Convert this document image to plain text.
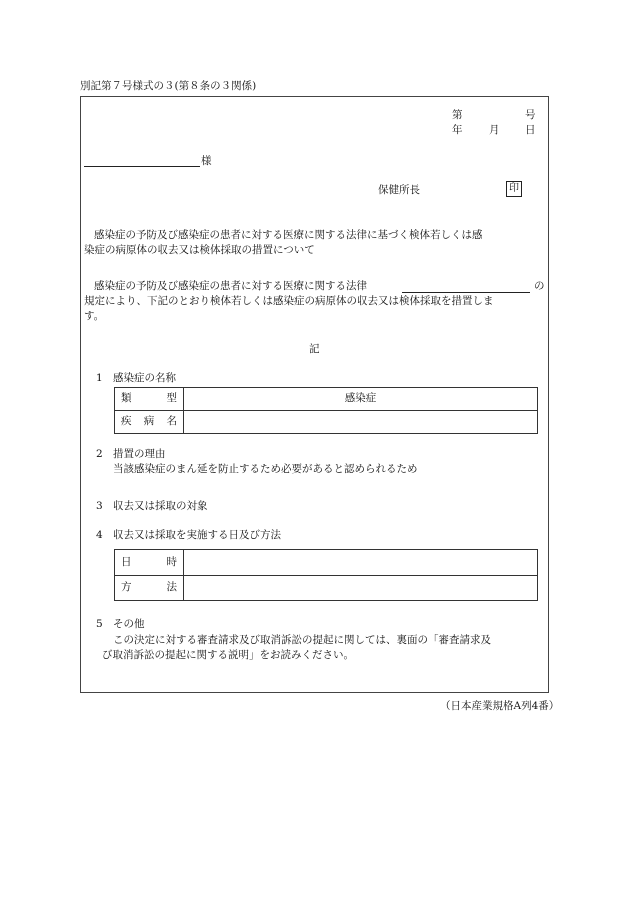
別記第７号様式の３(第８条の３関係)
第	号
年	月 日
様
保健所長	印
感染症の予防及び感染症の患者に対する医療に関する法律に基づく検体若しくは感
染症の病原体の収去又は検体採取の措置について
感染症の予防及び感染症の患者に対する医療に関する法律	の
規定により、下記のとおり検体若しくは感染症の病原体の収去又は検体採取を措置しま
す。
記
1 感染症の名称
類　　型	感染症
疾　病　名	
2 措置の理由
当該感染症のまん延を防止するため必要があると認められるため
3 収去又は採取の対象
4 収去又は採取を実施する日及び方法
日　　時	
方　　法	
5 その他
この決定に対する審査請求及び取消訴訟の提起に関しては、裏面の「審査請求及
び取消訴訟の提起に関する説明」をお読みください。
（日本産業規格A列4番）
